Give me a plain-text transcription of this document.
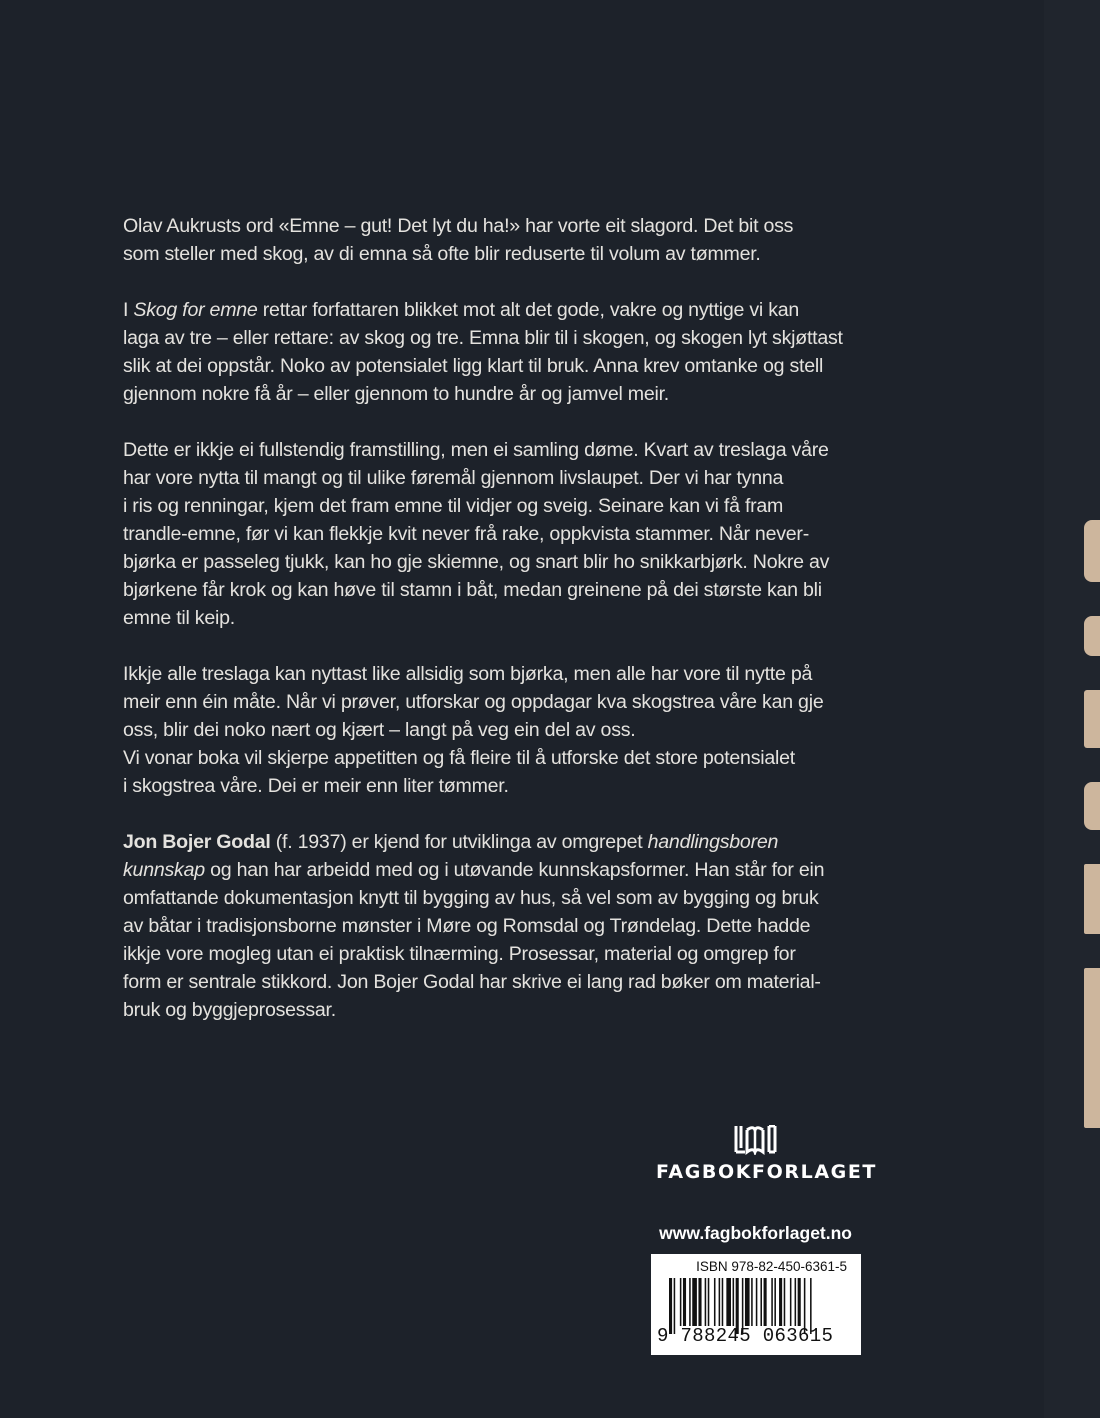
Olav Aukrusts ord «Emne – gut! Det lyt du ha!» har vorte eit slagord. Det bit oss
som steller med skog, av di emna så ofte blir reduserte til volum av tømmer.

I Skog for emne rettar forfattaren blikket mot alt det gode, vakre og nyttige vi kan
laga av tre – eller rettare: av skog og tre. Emna blir til i skogen, og skogen lyt skjøttast
slik at dei oppstår. Noko av potensialet ligg klart til bruk. Anna krev omtanke og stell
gjennom nokre få år – eller gjennom to hundre år og jamvel meir.

Dette er ikkje ei fullstendig framstilling, men ei samling døme. Kvart av treslaga våre
har vore nytta til mangt og til ulike føremål gjennom livslaupet. Der vi har tynna
i ris og renningar, kjem det fram emne til vidjer og sveig. Seinare kan vi få fram
trandle-emne, før vi kan flekkje kvit never frå rake, oppkvista stammer. Når never-
bjørka er passeleg tjukk, kan ho gje skiemne, og snart blir ho snikkarbjørk. Nokre av
bjørkene får krok og kan høve til stamn i båt, medan greinene på dei største kan bli
emne til keip.

Ikkje alle treslaga kan nyttast like allsidig som bjørka, men alle har vore til nytte på
meir enn éin måte. Når vi prøver, utforskar og oppdagar kva skogstrea våre kan gje
oss, blir dei noko nært og kjært – langt på veg ein del av oss.
Vi vonar boka vil skjerpe appetitten og få fleire til å utforske det store potensialet
i skogstrea våre. Dei er meir enn liter tømmer.

Jon Bojer Godal (f. 1937) er kjend for utviklinga av omgrepet handlingsboren
kunnskap og han har arbeidd med og i utøvande kunnskapsformer. Han står for ein
omfattande dokumentasjon knytt til bygging av hus, så vel som av bygging og bruk
av båtar i tradisjonsborne mønster i Møre og Romsdal og Trøndelag. Dette hadde
ikkje vore mogleg utan ei praktisk tilnærming. Prosessar, material og omgrep for
form er sentrale stikkord. Jon Bojer Godal har skrive ei lang rad bøker om material-
bruk og byggjeprosessar.

FAGBOKFORLAGET
www.fagbokforlaget.no
ISBN 978-82-450-6361-5
9 788245 063615
